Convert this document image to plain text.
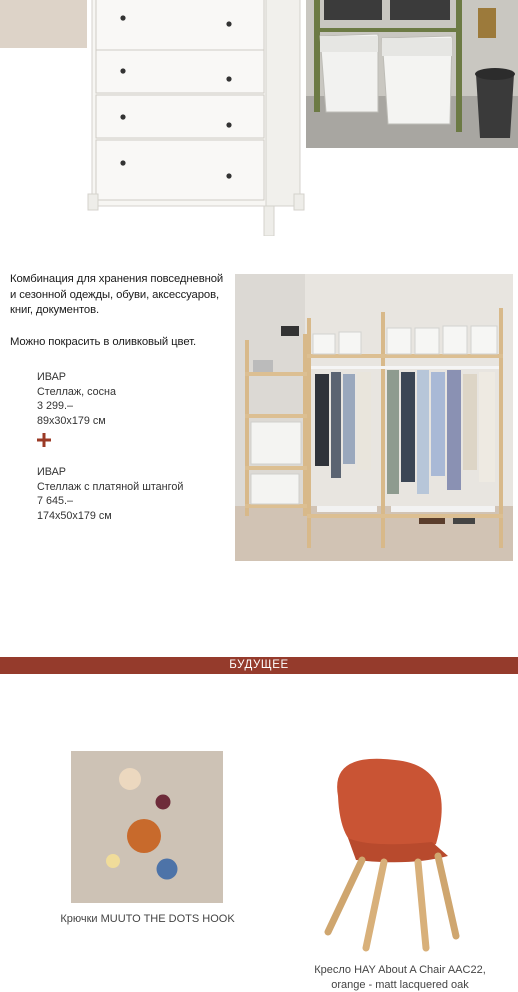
Комбинация для хранения повседневной

и сезонной одежды, обуви, аксессуаров,

книг, документов.

Можно покрасить в оливковый цвет.

ИВАР
Стеллаж, сосна
3 299.–
89x30x179 см
ИВАР
Стеллаж с платяной штангой
7 645.–
174x50x179 см
БУДУЩЕЕ
Крючки MUUTO THE DOTS HOOK
Кресло HAY About A Chair AAC22,
orange - matt lacquered oak
